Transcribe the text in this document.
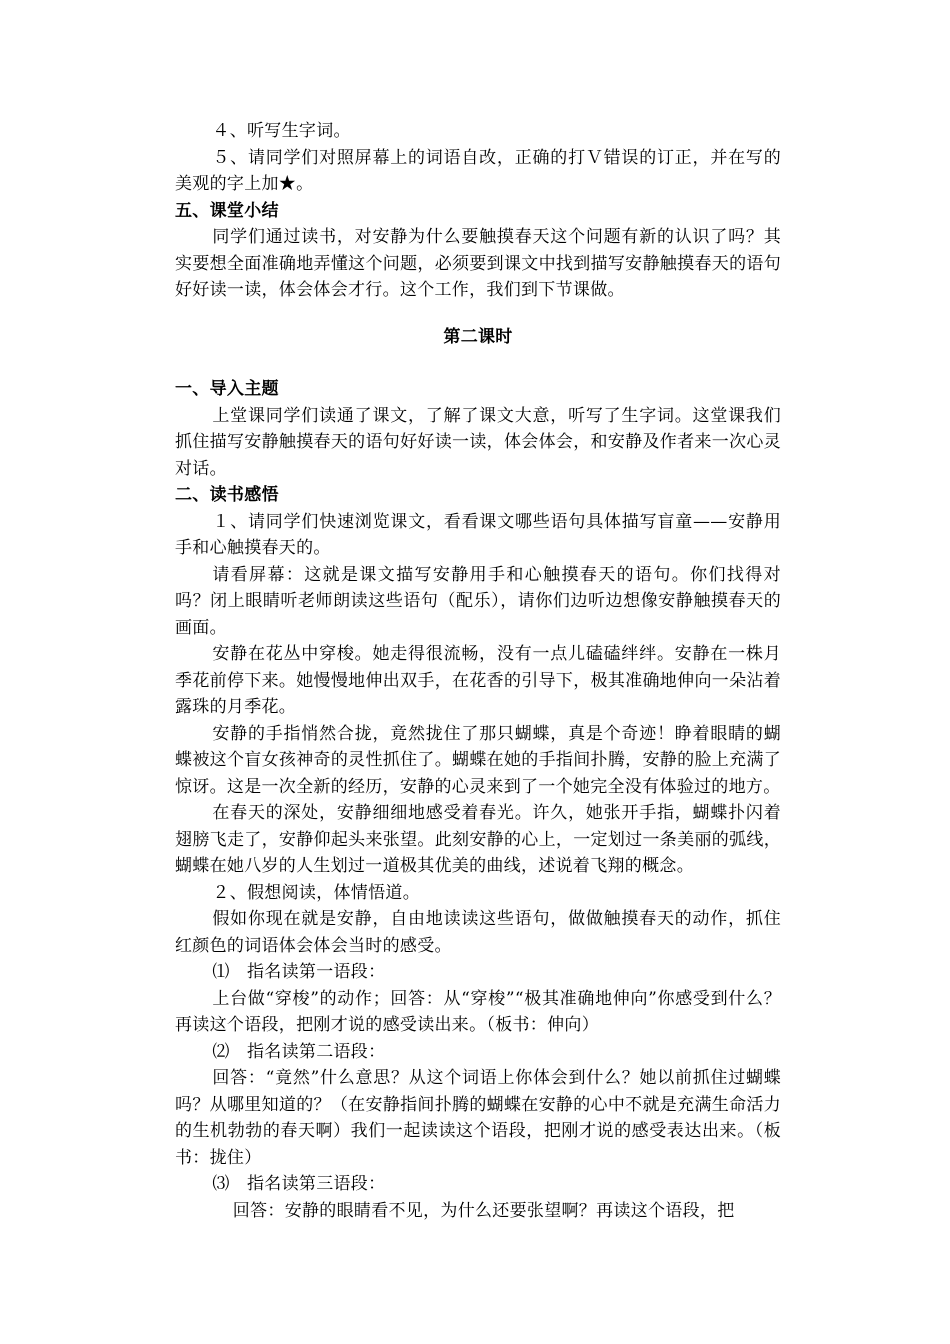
４、听写生字词。

５、请同学们对照屏幕上的词语自改，正确的打Ｖ错误的订正，并在写的美观的字上加★。

五、课堂小结

同学们通过读书，对安静为什么要触摸春天这个问题有新的认识了吗？其实要想全面准确地弄懂这个问题，必须要到课文中找到描写安静触摸春天的语句好好读一读，体会体会才行。这个工作，我们到下节课做。

第二课时

一、导入主题

上堂课同学们读通了课文，了解了课文大意，听写了生字词。这堂课我们抓住描写安静触摸春天的语句好好读一读，体会体会，和安静及作者来一次心灵对话。

二、读书感悟

１、请同学们快速浏览课文，看看课文哪些语句具体描写盲童——安静用手和心触摸春天的。

请看屏幕：这就是课文描写安静用手和心触摸春天的语句。你们找得对吗？闭上眼睛听老师朗读这些语句（配乐），请你们边听边想像安静触摸春天的画面。

安静在花丛中穿梭。她走得很流畅，没有一点儿磕磕绊绊。安静在一株月季花前停下来。她慢慢地伸出双手，在花香的引导下，极其准确地伸向一朵沾着露珠的月季花。

安静的手指悄然合拢，竟然拢住了那只蝴蝶，真是个奇迹！睁着眼睛的蝴蝶被这个盲女孩神奇的灵性抓住了。蝴蝶在她的手指间扑腾，安静的脸上充满了惊讶。这是一次全新的经历，安静的心灵来到了一个她完全没有体验过的地方。

在春天的深处，安静细细地感受着春光。许久，她张开手指，蝴蝶扑闪着翅膀飞走了，安静仰起头来张望。此刻安静的心上，一定划过一条美丽的弧线，蝴蝶在她八岁的人生划过一道极其优美的曲线，述说着飞翔的概念。

２、假想阅读，体情悟道。

假如你现在就是安静，自由地读读这些语句，做做触摸春天的动作，抓住红颜色的词语体会体会当时的感受。

⑴　指名读第一语段：

上台做“穿梭”的动作；回答：从“穿梭”“极其准确地伸向”你感受到什么？再读这个语段，把刚才说的感受读出来。（板书：伸向）

⑵　指名读第二语段：

回答：“竟然”什么意思？从这个词语上你体会到什么？她以前抓住过蝴蝶吗？从哪里知道的？（在安静指间扑腾的蝴蝶在安静的心中不就是充满生命活力的生机勃勃的春天啊）我们一起读读这个语段，把刚才说的感受表达出来。（板书：拢住）

⑶　指名读第三语段：

回答：安静的眼睛看不见，为什么还要张望啊？再读这个语段，把
